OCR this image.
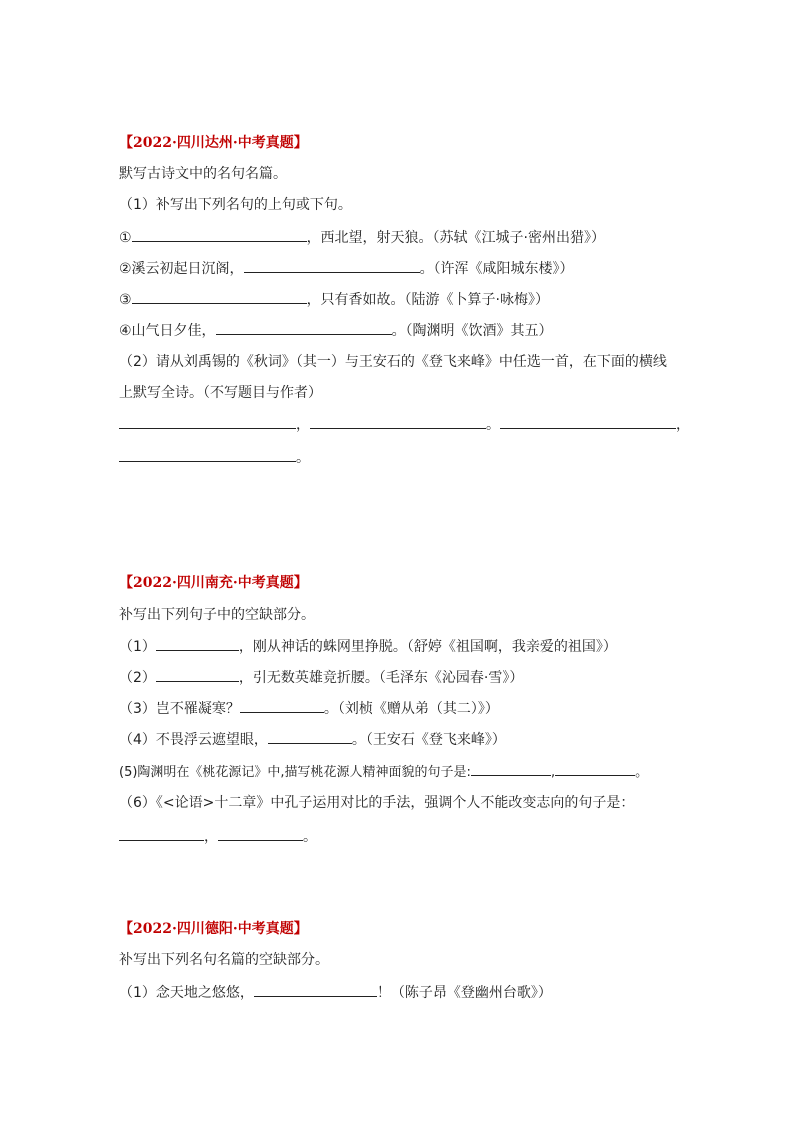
【2022·四川达州·中考真题】
默写古诗文中的名句名篇。
（1）补写出下列名句的上句或下句。
①	，西北望，射天狼。（苏轼《江城子·密州出猎》）
②溪云初起日沉阁，	。（许浑《咸阳城东楼》）
③	，只有香如故。（陆游《卜算子·咏梅》）
④山气日夕佳，	。（陶渊明《饮酒》其五）
（2）请从刘禹锡的《秋词》（其一）与王安石的《登飞来峰》中任选一首，在下面的横线
上默写全诗。（不写题目与作者）
，	。	，
。
【2022·四川南充·中考真题】
补写出下列句子中的空缺部分。
（1）	，刚从神话的蛛网里挣脱。（舒婷《祖国啊，我亲爱的祖国》）
（2）	，引无数英雄竞折腰。（毛泽东《沁园春·雪》）
（3）岂不罹凝寒？	。（刘桢《赠从弟（其二）》）
（4）不畏浮云遮望眼，	。（王安石《登飞来峰》）
(5)陶渊明在《桃花源记》中,描写桃花源人精神面貌的句子是:	,	。
（6）《<论语>十二章》中孔子运用对比的手法，强调个人不能改变志向的句子是：
，	。
【2022·四川德阳·中考真题】
补写出下列名句名篇的空缺部分。
（1）念天地之悠悠，	！（陈子昂《登幽州台歌》）
